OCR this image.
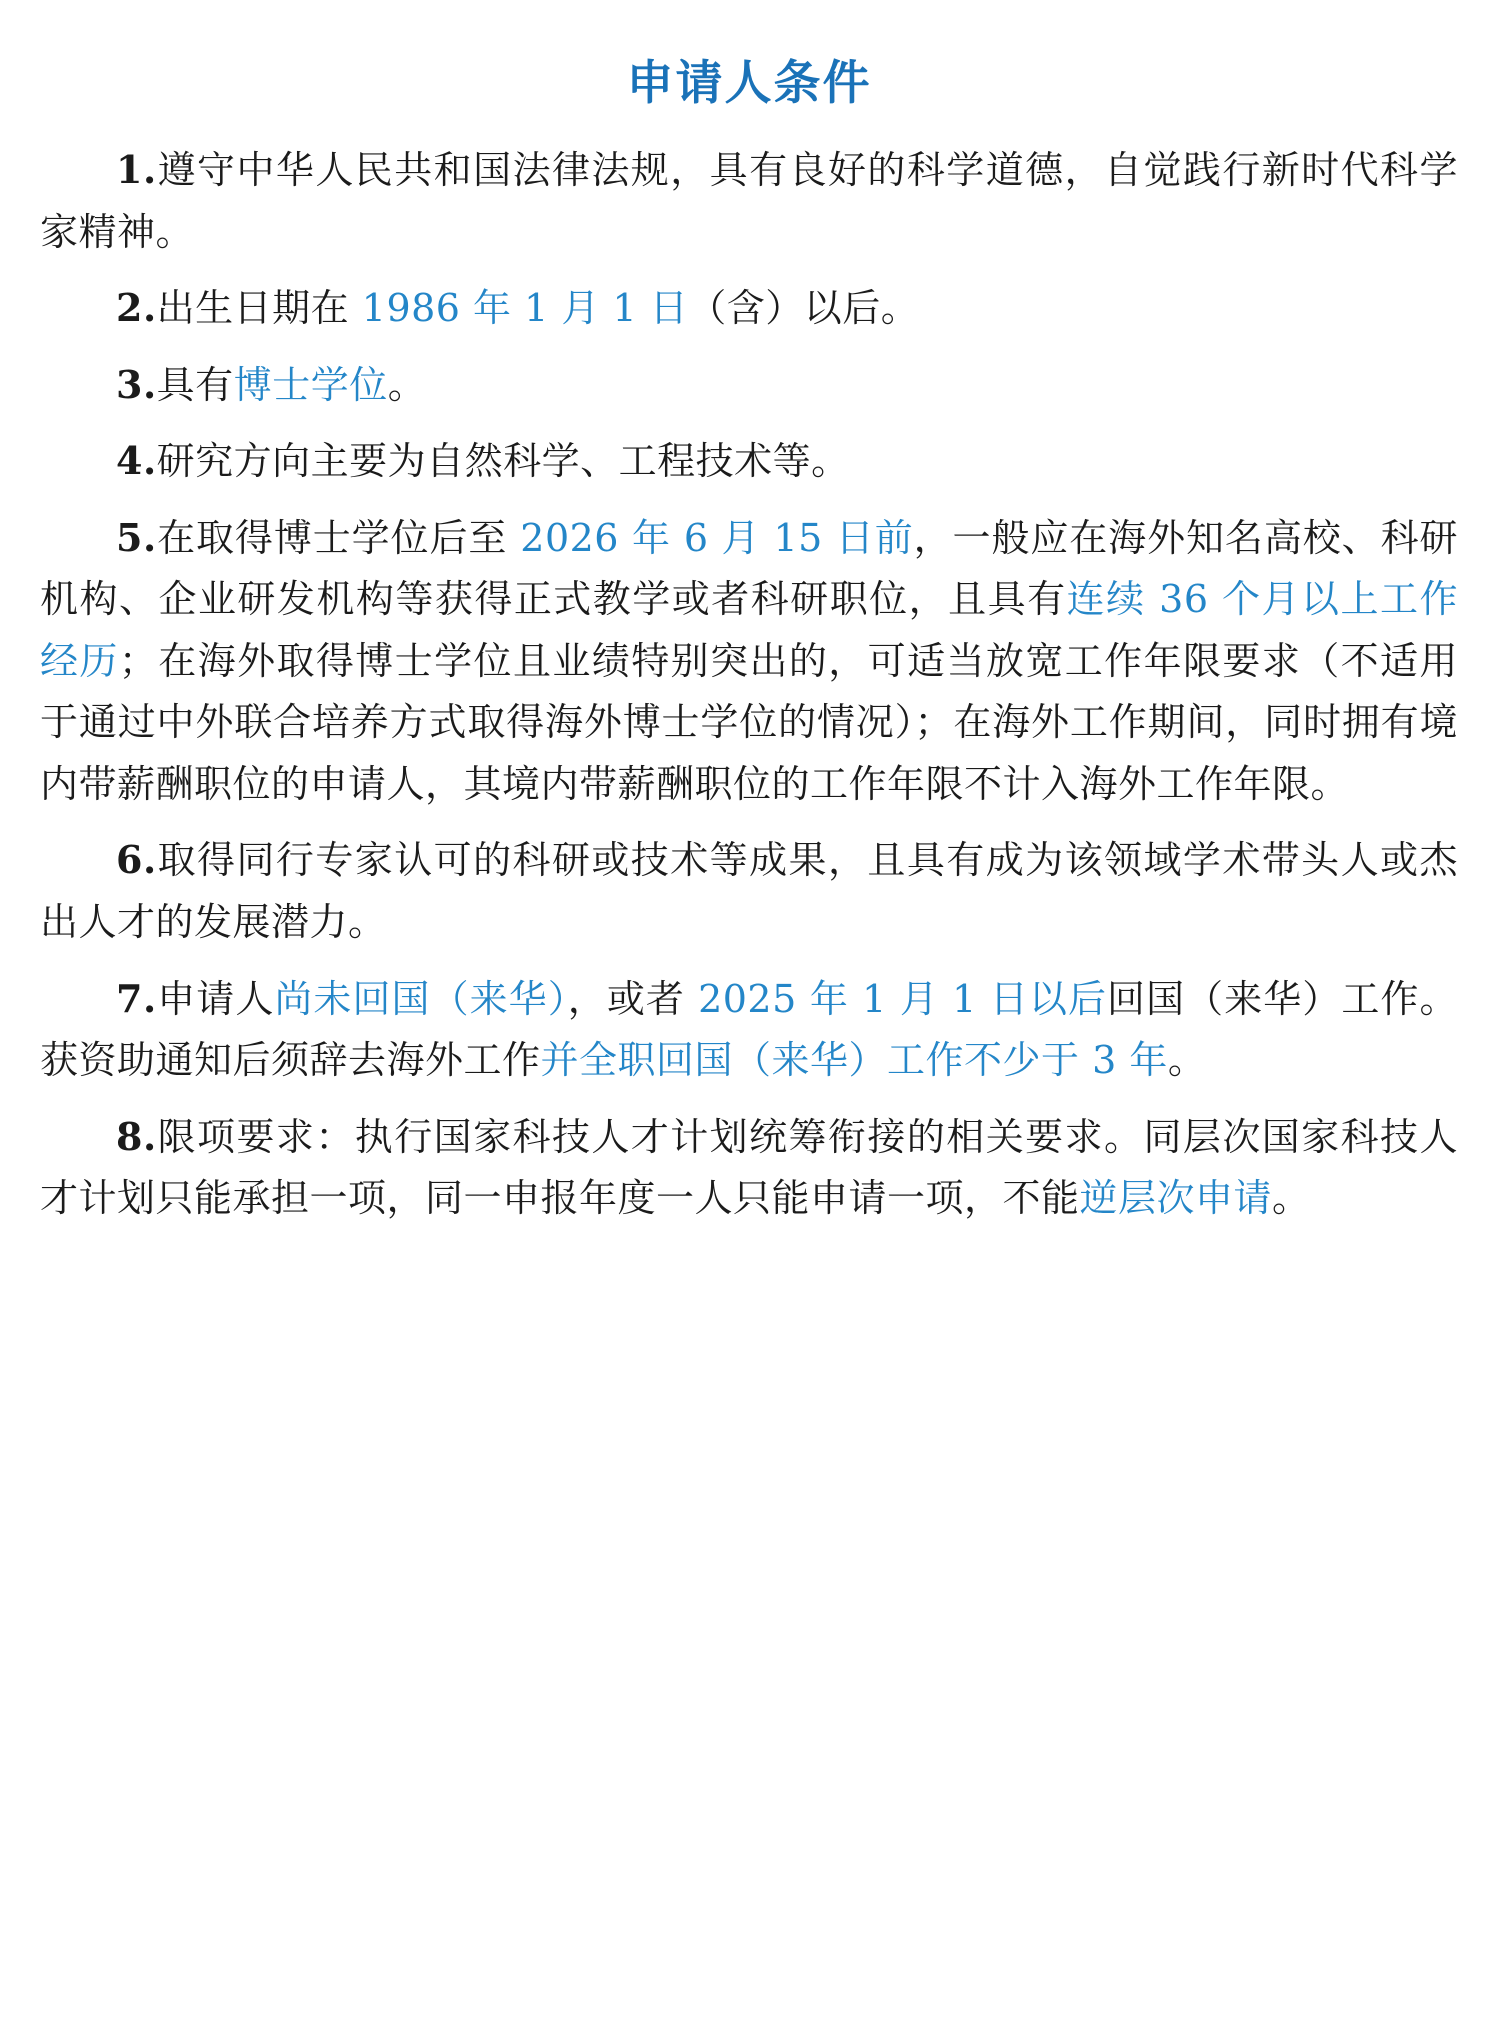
申请人条件

1.遵守中华人民共和国法律法规，具有良好的科学道德，自觉践行新时代科学家精神。

2.出生日期在 1986 年 1 月 1 日（含）以后。

3.具有博士学位。

4.研究方向主要为自然科学、工程技术等。

5.在取得博士学位后至 2026 年 6 月 15 日前，一般应在海外知名高校、科研机构、企业研发机构等获得正式教学或者科研职位，且具有连续 36 个月以上工作经历；在海外取得博士学位且业绩特别突出的，可适当放宽工作年限要求（不适用于通过中外联合培养方式取得海外博士学位的情况）；在海外工作期间，同时拥有境内带薪酬职位的申请人，其境内带薪酬职位的工作年限不计入海外工作年限。

6.取得同行专家认可的科研或技术等成果，且具有成为该领域学术带头人或杰出人才的发展潜力。

7.申请人尚未回国（来华），或者 2025 年 1 月 1 日以后回国（来华）工作。获资助通知后须辞去海外工作并全职回国（来华）工作不少于 3 年。

8.限项要求：执行国家科技人才计划统筹衔接的相关要求。同层次国家科技人才计划只能承担一项，同一申报年度一人只能申请一项，不能逆层次申请。
